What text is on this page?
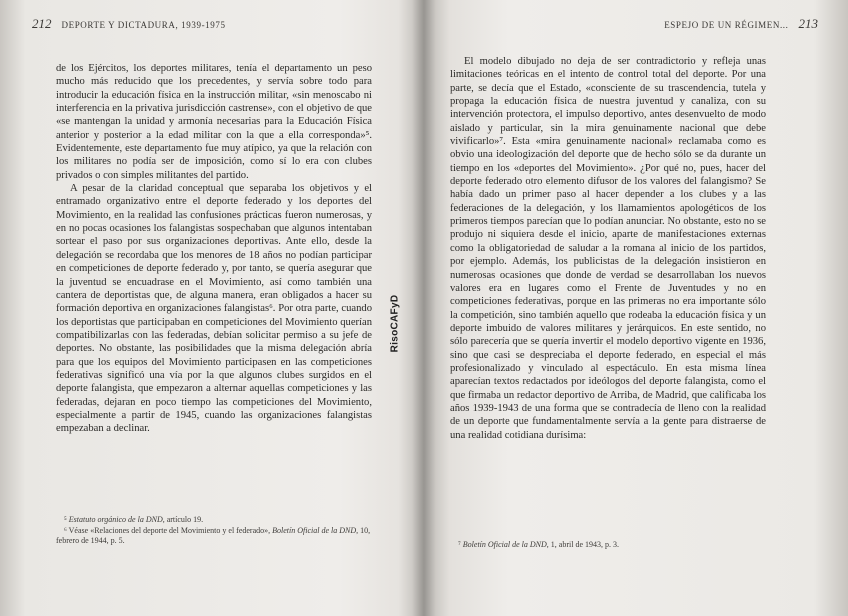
212 DEPORTE Y DICTADURA, 1939-1975

de los Ejércitos, los deportes militares, tenía el departamento un peso mucho más reducido que los precedentes, y servía sobre todo para introducir la educación física en la instrucción militar, «sin menoscabo ni interferencia en la privativa jurisdicción castrense», con el objetivo de que «se mantengan la unidad y armonía necesarias para la Educación Física anterior y posterior a la edad militar con la que a ella corresponda»⁵. Evidentemente, este departamento fue muy atípico, ya que la relación con los militares no podía ser de imposición, como sí lo era con clubes privados o con simples militantes del partido.

A pesar de la claridad conceptual que separaba los objetivos y el entramado organizativo entre el deporte federado y los deportes del Movimiento, en la realidad las confusiones prácticas fueron numerosas, y en no pocas ocasiones los falangistas sospechaban que algunos intentaban sortear el paso por sus organizaciones deportivas. Ante ello, desde la delegación se recordaba que los menores de 18 años no podían participar en competiciones de deporte federado y, por tanto, se quería asegurar que la juventud se encuadrase en el Movimiento, así como también una cantera de deportistas que, de alguna manera, eran obligados a hacer su formación deportiva en organizaciones falangistas⁶. Por otra parte, cuando los deportistas que participaban en competiciones del Movimiento querían compatibilizarlas con las federadas, debían solicitar permiso a su jefe de deportes. No obstante, las posibilidades que la misma delegación abría para que los equipos del Movimiento participasen en las competiciones federativas significó una vía por la que algunos clubes surgidos en el deporte falangista, que empezaron a alternar aquellas competiciones y las federadas, dejaran en poco tiempo las competiciones del Movimiento, especialmente a partir de 1945, cuando las organizaciones falangistas empezaban a declinar.

⁵ Estatuto orgánico de la DND, artículo 19.

⁶ Véase «Relaciones del deporte del Movimiento y el federado», Boletín Oficial de la DND, 10, febrero de 1944, p. 5.

RisoCAFyD
ESPEJO DE UN RÉGIMEN... 213

El modelo dibujado no deja de ser contradictorio y refleja unas limitaciones teóricas en el intento de control total del deporte. Por una parte, se decía que el Estado, «consciente de su trascendencia, tutela y propaga la educación física de nuestra juventud y canaliza, con su intervención protectora, el impulso deportivo, antes desenvuelto de modo aislado y particular, sin la mira genuinamente nacional que debe vivificarlo»⁷. Esta «mira genuinamente nacional» reclamaba como es obvio una ideologización del deporte que de hecho sólo se da durante un tiempo en los «deportes del Movimiento». ¿Por qué no, pues, hacer del deporte federado otro elemento difusor de los valores del falangismo? Se había dado un primer paso al hacer depender a los clubes y a las federaciones de la delegación, y los llamamientos apologéticos de los primeros tiempos parecían que lo podían anunciar. No obstante, esto no se produjo ni siquiera desde el inicio, aparte de manifestaciones externas como la obligatoriedad de saludar a la romana al inicio de los partidos, por ejemplo. Además, los publicistas de la delegación insistieron en numerosas ocasiones que donde de verdad se desarrollaban los nuevos valores era en lugares como el Frente de Juventudes y no en competiciones federativas, porque en las primeras no era importante sólo la competición, sino también aquello que rodeaba la educación física y un deporte imbuido de valores militares y jerárquicos. En este sentido, no sólo parecería que se quería invertir el modelo deportivo vigente en 1936, sino que casi se despreciaba el deporte federado, en especial el más profesionalizado y vinculado al espectáculo. En esta misma línea aparecían textos redactados por ideólogos del deporte falangista, como el que firmaba un redactor deportivo de Arriba, de Madrid, que calificaba los años 1939-1943 de una forma que se contradecía de lleno con la realidad de un deporte que fundamentalmente servía a la gente para distraerse de una realidad cotidiana durísima:

⁷ Boletín Oficial de la DND, 1, abril de 1943, p. 3.
